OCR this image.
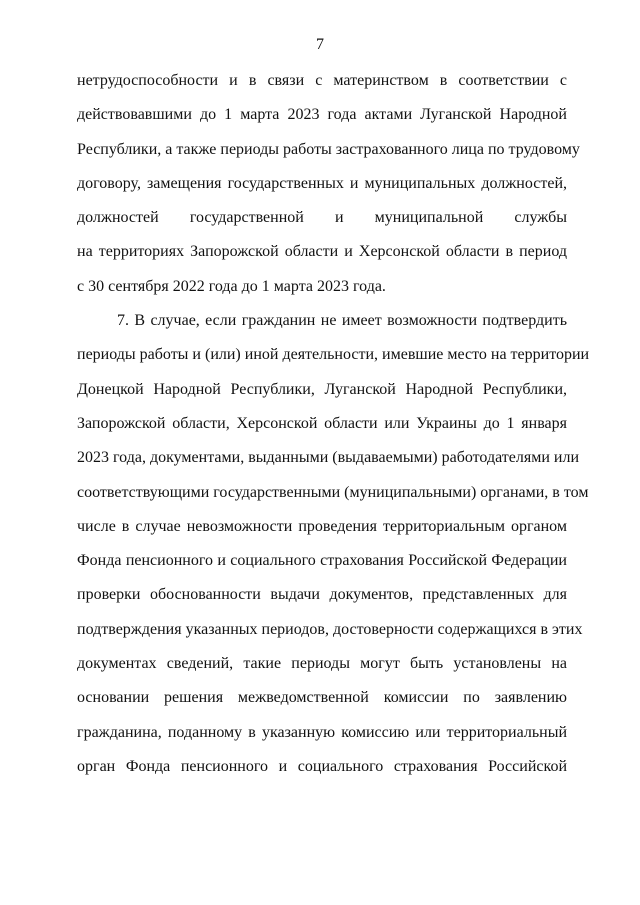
7
нетрудоспособности и в связи с материнством в соответствии с
действовавшими до 1 марта 2023 года актами Луганской Народной
Республики, а также периоды работы застрахованного лица по трудовому
договору, замещения государственных и муниципальных должностей,
должностей государственной и муниципальной службы
на территориях Запорожской области и Херсонской области в период
с 30 сентября 2022 года до 1 марта 2023 года.
7. В случае, если гражданин не имеет возможности подтвердить
периоды работы и (или) иной деятельности, имевшие место на территории
Донецкой Народной Республики, Луганской Народной Республики,
Запорожской области, Херсонской области или Украины до 1 января
2023 года, документами, выданными (выдаваемыми) работодателями или
соответствующими государственными (муниципальными) органами, в том
числе в случае невозможности проведения территориальным органом
Фонда пенсионного и социального страхования Российской Федерации
проверки обоснованности выдачи документов, представленных для
подтверждения указанных периодов, достоверности содержащихся в этих
документах сведений, такие периоды могут быть установлены на
основании решения межведомственной комиссии по заявлению
гражданина, поданному в указанную комиссию или территориальный
орган Фонда пенсионного и социального страхования Российской
